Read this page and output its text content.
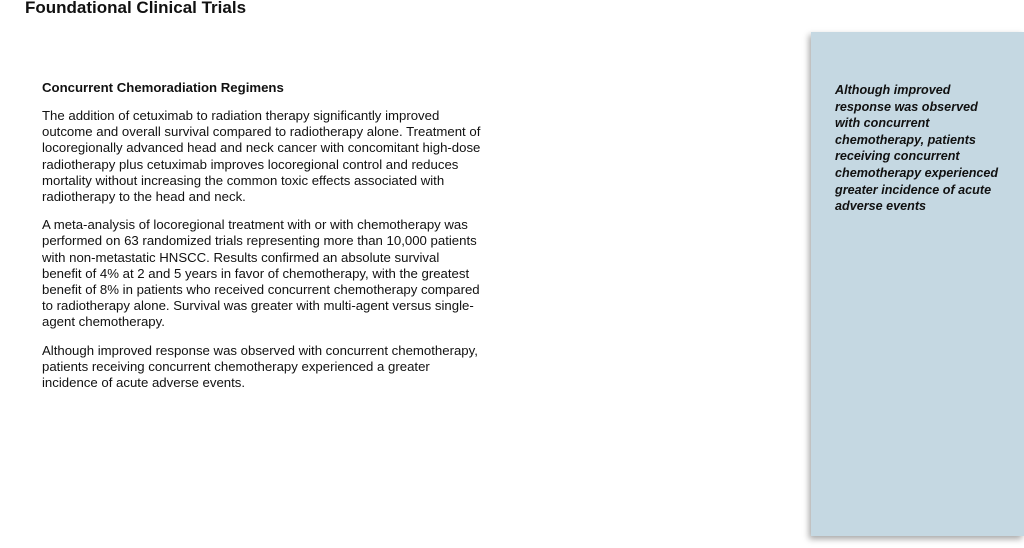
Foundational Clinical Trials
Concurrent Chemoradiation Regimens

The addition of cetuximab to radiation therapy significantly improved outcome and overall survival compared to radiotherapy alone. Treatment of locoregionally advanced head and neck cancer with concomitant high-dose radiotherapy plus cetuximab improves locoregional control and reduces mortality without increasing the common toxic effects associated with radiotherapy to the head and neck.

A meta-analysis of locoregional treatment with or with chemotherapy was performed on 63 randomized trials representing more than 10,000 patients with non-metastatic HNSCC. Results confirmed an absolute survival benefit of 4% at 2 and 5 years in favor of chemotherapy, with the greatest benefit of 8% in patients who received concurrent chemotherapy compared to radiotherapy alone. Survival was greater with multi-agent versus single-agent chemotherapy.

Although improved response was observed with concurrent chemotherapy, patients receiving concurrent chemotherapy experienced a greater incidence of acute adverse events.

Although improved response was observed with concurrent chemotherapy, patients receiving concurrent chemotherapy experienced greater incidence of acute adverse events
